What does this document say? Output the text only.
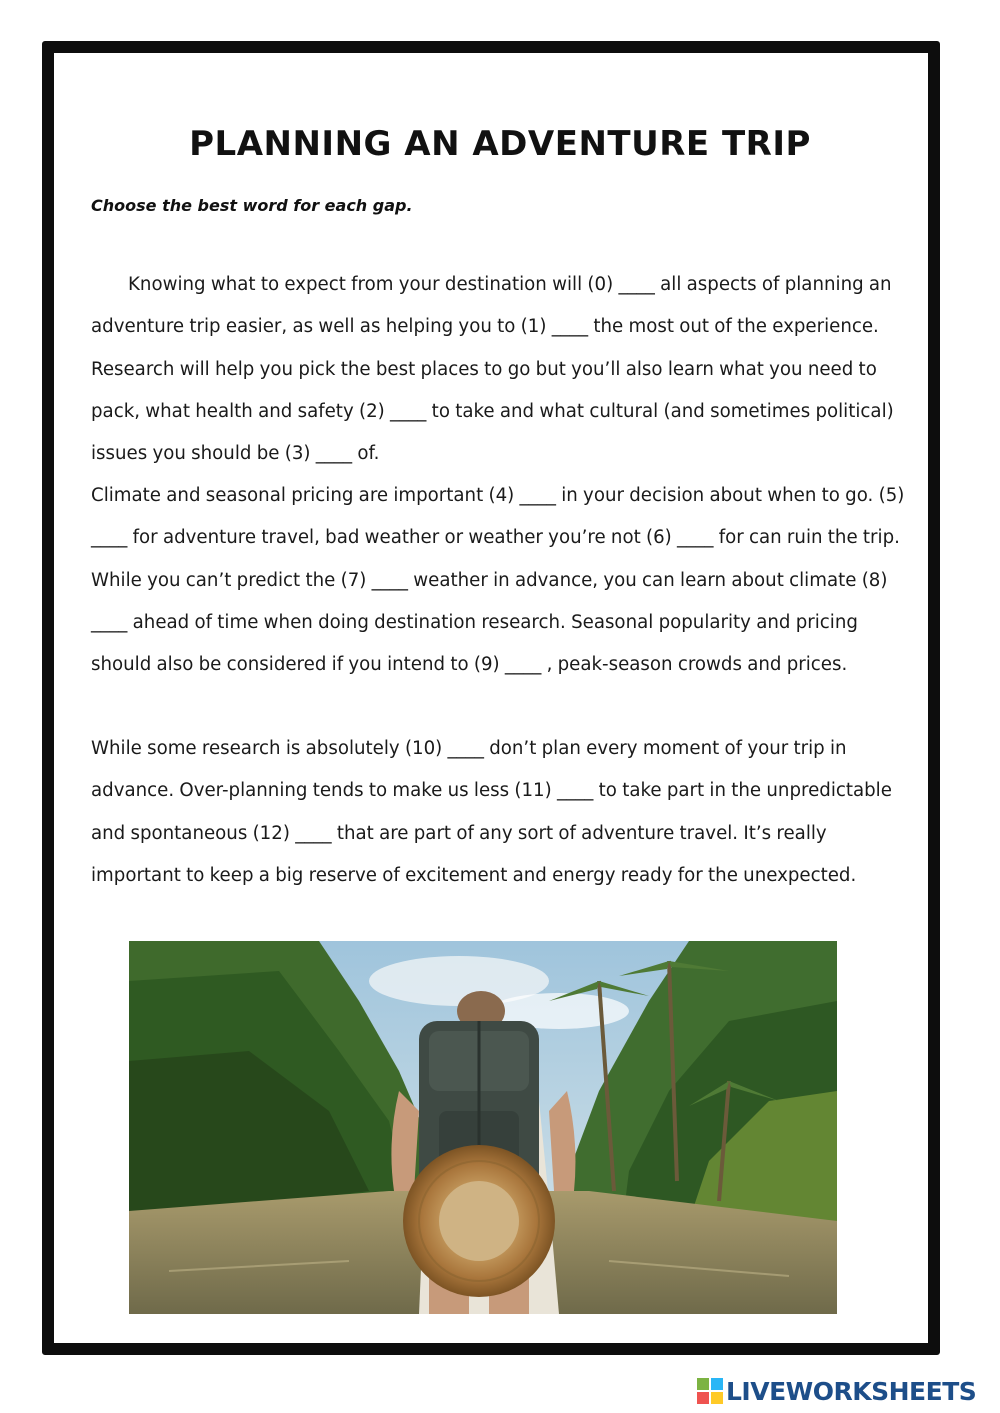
PLANNING AN ADVENTURE TRIP
Choose the best word for each gap.
Knowing what to expect from your destination will (0) ____ all aspects of planning an adventure trip easier, as well as helping you to (1) ____ the most out of the experience. Research will help you pick the best places to go but you’ll also learn what you need to pack, what health and safety (2) ____ to take and what cultural (and sometimes political) issues you should be (3) ____ of.
Climate and seasonal pricing are important (4) ____ in your decision about when to go. (5) ____ for adventure travel, bad weather or weather you’re not (6) ____ for can ruin the trip. While you can’t predict the (7) ____ weather in advance, you can learn about climate (8) ____ ahead of time when doing destination research. Seasonal popularity and pricing should also be considered if you intend to (9) ____ , peak-season crowds and prices.
While some research is absolutely (10) ____ don’t plan every moment of your trip in advance. Over-planning tends to make us less (11) ____ to take part in the unpredictable and spontaneous (12) ____ that are part of any sort of adventure travel. It’s really important to keep a big reserve of excitement and energy ready for the unexpected.
LIVEWORKSHEETS
